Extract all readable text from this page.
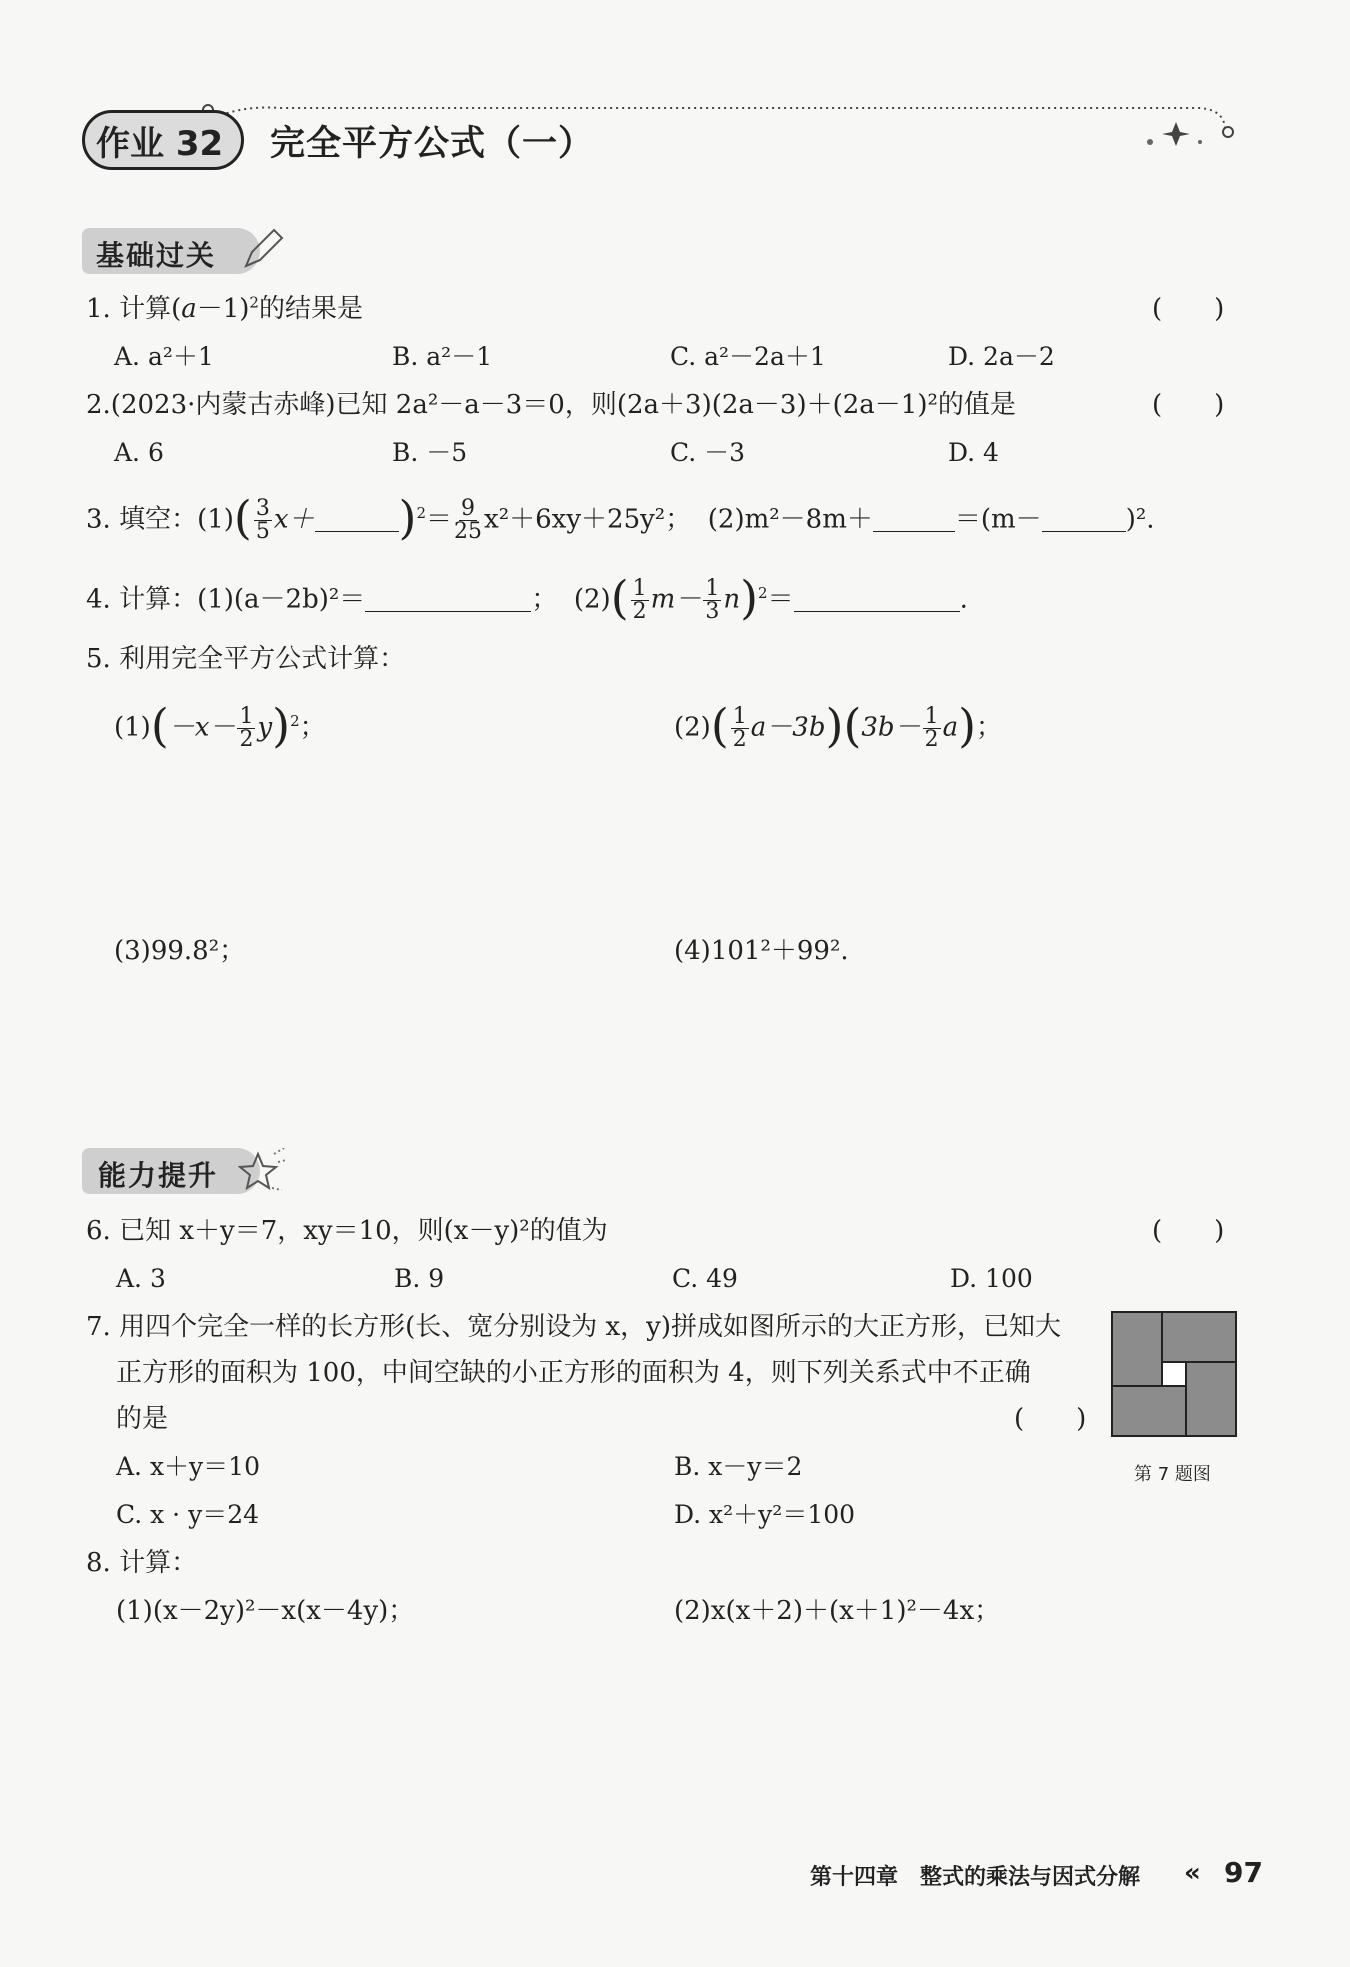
作业 32 完全平方公式（一）
基础过关
1. 计算$(a-1)^2$的结果是	(　　)
A. a²＋1	B. a²－1	C. a²－2a＋1	D. 2a－2
2.(2023·内蒙古赤峰)已知 2a²－a－3＝0，则(2a＋3)(2a－3)＋(2a－1)²的值是	(　　)
A. 6	B. －5	C. －3	D. 4
3. 填空：$(1)( \frac{3}{5} x+ )^2= \frac{9}{25} x^2+6xy+25y^2$； (2)m²－8m＋	＝(m－	)².
4. 计算：(1)(a－2b)²＝	； $(2)( \frac{1}{2} m- \frac{1}{3} n)^2=$	.
5. 利用完全平方公式计算：
$(1)(-x- \frac{1}{2} y)^2$；	$(2)( \frac{1}{2} a-3b)(3b- \frac{1}{2} a)$；
(3)99.8²；	(4)101²＋99².
能力提升
6. 已知 x＋y＝7，xy＝10，则(x－y)²的值为	(　　)
A. 3	B. 9	C. 49	D. 100
7. 用四个完全一样的长方形(长、宽分别设为 x，y)拼成如图所示的大正方形，已知大
正方形的面积为 100，中间空缺的小正方形的面积为 4，则下列关系式中不正确
的是	(　　)
A. x＋y＝10	B. x－y＝2
C. x · y＝24	D. x²＋y²＝100
第 7 题图
8. 计算：
(1)(x－2y)²－x(x－4y)；	(2)x(x＋2)＋(x＋1)²－4x；
第十四章　整式的乘法与因式分解 « 97
